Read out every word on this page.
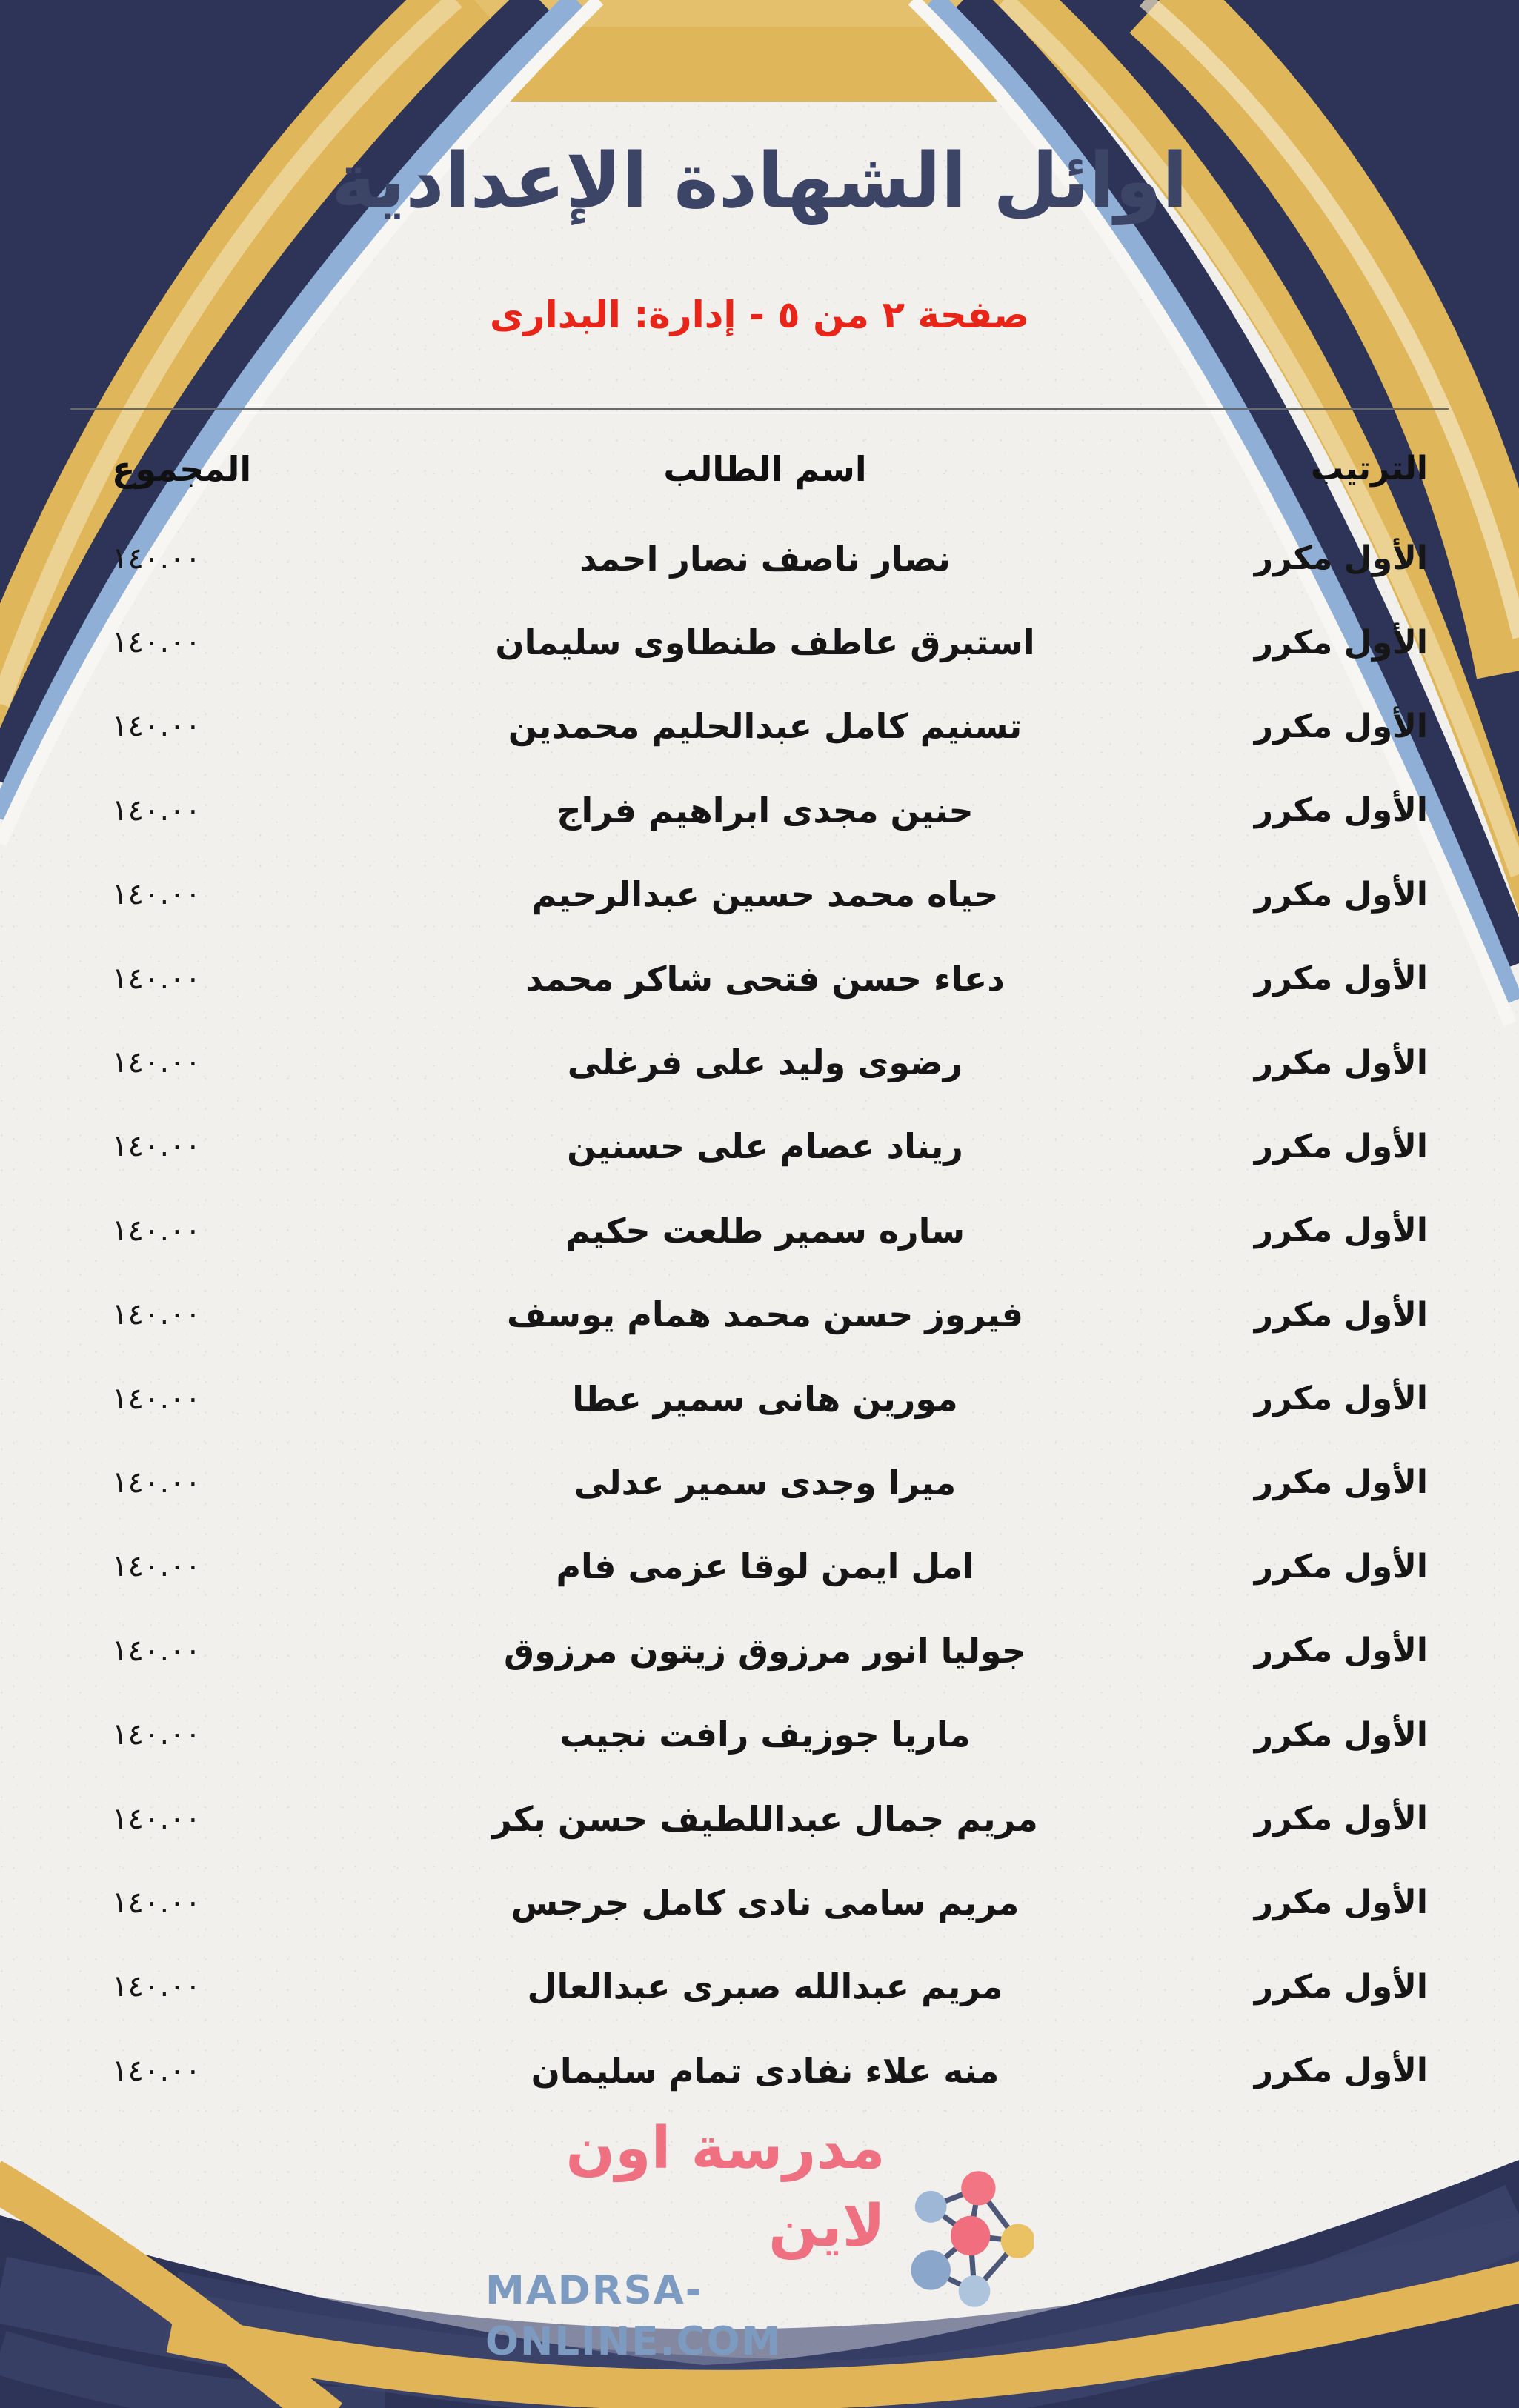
اوائل الشهادة الإعدادية
صفحة ٢ من ٥ - إدارة: البدارى
الترتيب
اسم الطالب
المجموع
الأول مكرر
نصار ناصف نصار احمد
١٤٠.٠٠
الأول مكرر
استبرق عاطف طنطاوى سليمان
١٤٠.٠٠
الأول مكرر
تسنيم كامل عبدالحليم محمدين
١٤٠.٠٠
الأول مكرر
حنين مجدى ابراهيم فراج
١٤٠.٠٠
الأول مكرر
حياه محمد حسين عبدالرحيم
١٤٠.٠٠
الأول مكرر
دعاء حسن فتحى شاكر محمد
١٤٠.٠٠
الأول مكرر
رضوى وليد على فرغلى
١٤٠.٠٠
الأول مكرر
ريناد عصام على حسنين
١٤٠.٠٠
الأول مكرر
ساره سمير طلعت حكيم
١٤٠.٠٠
الأول مكرر
فيروز حسن محمد همام يوسف
١٤٠.٠٠
الأول مكرر
مورين هانى سمير عطا
١٤٠.٠٠
الأول مكرر
ميرا وجدى سمير عدلى
١٤٠.٠٠
الأول مكرر
امل ايمن لوقا عزمى فام
١٤٠.٠٠
الأول مكرر
جوليا انور مرزوق زيتون مرزوق
١٤٠.٠٠
الأول مكرر
ماريا جوزيف رافت نجيب
١٤٠.٠٠
الأول مكرر
مريم جمال عبداللطيف حسن بكر
١٤٠.٠٠
الأول مكرر
مريم سامى نادى كامل جرجس
١٤٠.٠٠
الأول مكرر
مريم عبدالله صبرى عبدالعال
١٤٠.٠٠
الأول مكرر
منه علاء نفادى تمام سليمان
١٤٠.٠٠
مدرسة اون لاين
MADRSA-ONLINE.COM
